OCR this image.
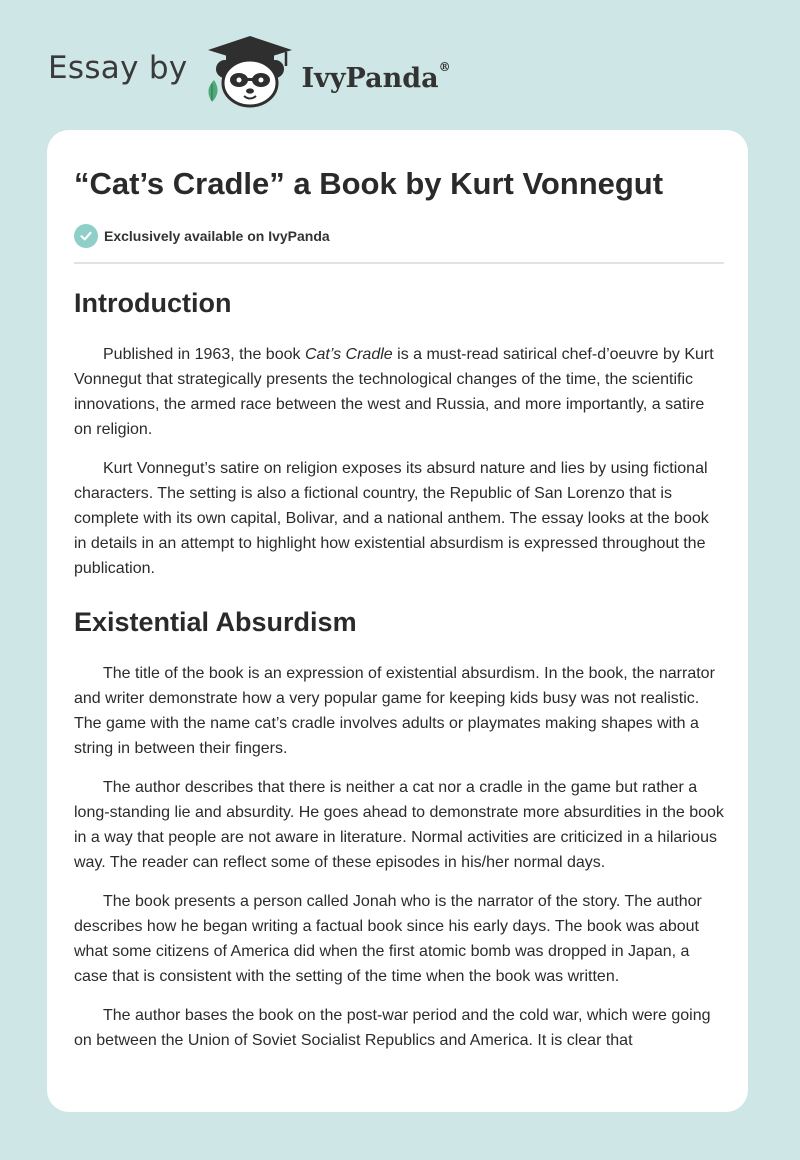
Essay by	IvyPanda®
“Cat’s Cradle” a Book by Kurt Vonnegut
Exclusively available on IvyPanda
Introduction

Published in 1963, the book Cat’s Cradle is a must-read satirical chef-d’oeuvre by Kurt Vonnegut that strategically presents the technological changes of the time, the scientific innovations, the armed race between the west and Russia, and more importantly, a satire on religion.

Kurt Vonnegut’s satire on religion exposes its absurd nature and lies by using fictional characters. The setting is also a fictional country, the Republic of San Lorenzo that is complete with its own capital, Bolivar, and a national anthem. The essay looks at the book in details in an attempt to highlight how existential absurdism is expressed throughout the publication.

Existential Absurdism

The title of the book is an expression of existential absurdism. In the book, the narrator and writer demonstrate how a very popular game for keeping kids busy was not realistic. The game with the name cat’s cradle involves adults or playmates making shapes with a string in between their fingers.

The author describes that there is neither a cat nor a cradle in the game but rather a long-standing lie and absurdity. He goes ahead to demonstrate more absurdities in the book in a way that people are not aware in literature. Normal activities are criticized in a hilarious way. The reader can reflect some of these episodes in his/her normal days.

The book presents a person called Jonah who is the narrator of the story. The author describes how he began writing a factual book since his early days. The book was about what some citizens of America did when the first atomic bomb was dropped in Japan, a case that is consistent with the setting of the time when the book was written.

The author bases the book on the post-war period and the cold war, which were going on between the Union of Soviet Socialist Republics and America. It is clear that
